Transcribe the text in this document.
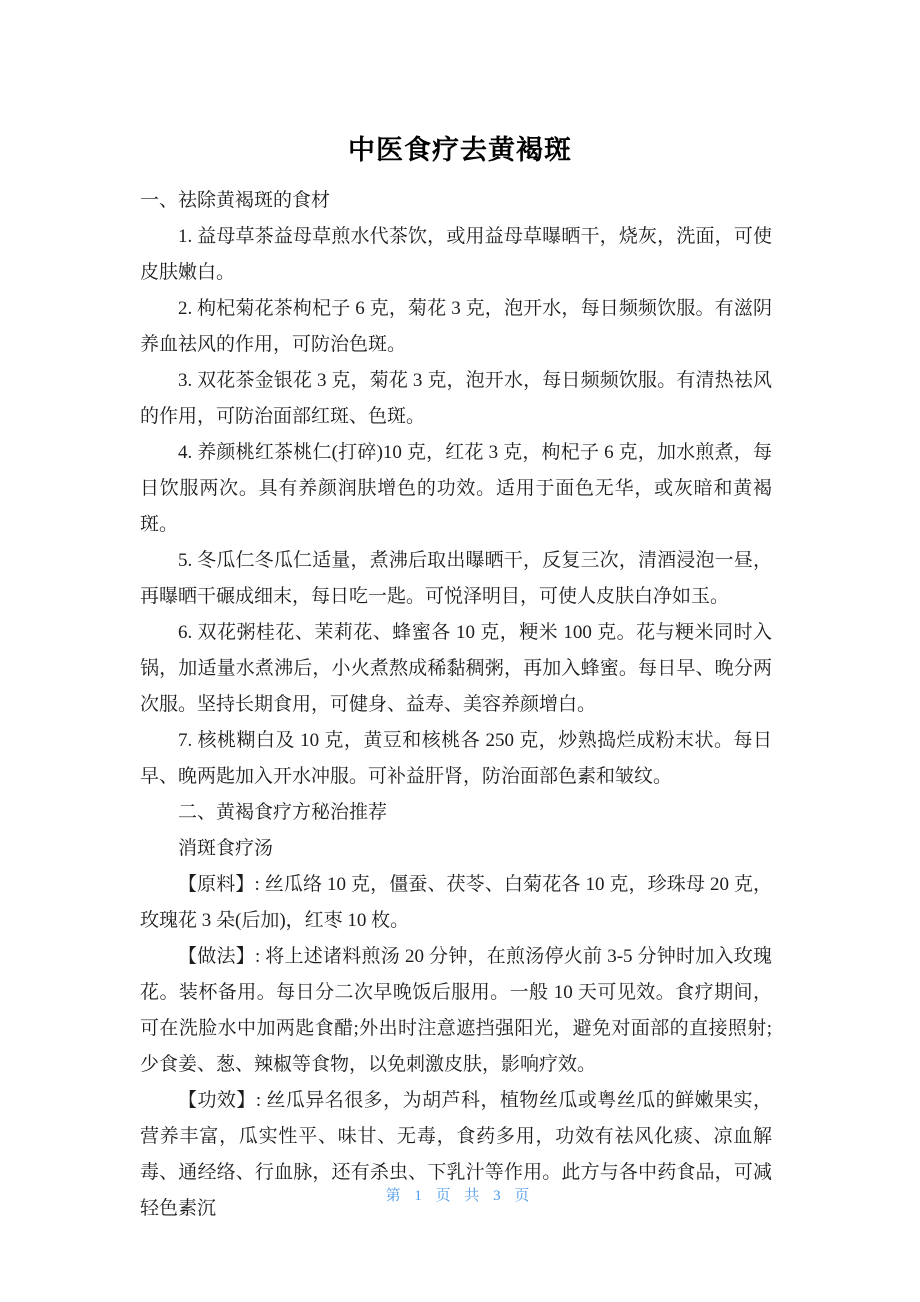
中医食疗去黄褐斑

一、祛除黄褐斑的食材

1. 益母草茶益母草煎水代茶饮，或用益母草曝晒干，烧灰，洗面，可使皮肤嫩白。

2. 枸杞菊花茶枸杞子 6 克，菊花 3 克，泡开水，每日频频饮服。有滋阴养血祛风的作用，可防治色斑。

3. 双花茶金银花 3 克，菊花 3 克，泡开水，每日频频饮服。有清热祛风的作用，可防治面部红斑、色斑。

4. 养颜桃红茶桃仁(打碎)10 克，红花 3 克，枸杞子 6 克，加水煎煮，每日饮服两次。具有养颜润肤增色的功效。适用于面色无华，或灰暗和黄褐斑。

5. 冬瓜仁冬瓜仁适量，煮沸后取出曝晒干，反复三次，清酒浸泡一昼，再曝晒干碾成细末，每日吃一匙。可悦泽明目，可使人皮肤白净如玉。

6. 双花粥桂花、茉莉花、蜂蜜各 10 克，粳米 100 克。花与粳米同时入锅，加适量水煮沸后，小火煮熬成稀黏稠粥，再加入蜂蜜。每日早、晚分两次服。坚持长期食用，可健身、益寿、美容养颜增白。

7. 核桃糊白及 10 克，黄豆和核桃各 250 克，炒熟捣烂成粉末状。每日早、晚两匙加入开水冲服。可补益肝肾，防治面部色素和皱纹。

二、黄褐食疗方秘治推荐

消斑食疗汤

【原料】: 丝瓜络 10 克，僵蚕、茯苓、白菊花各 10 克，珍珠母 20 克，玫瑰花 3 朵(后加)，红枣 10 枚。

【做法】: 将上述诸料煎汤 20 分钟，在煎汤停火前 3-5 分钟时加入玫瑰花。装杯备用。每日分二次早晚饭后服用。一般 10 天可见效。食疗期间，可在洗脸水中加两匙食醋;外出时注意遮挡强阳光，避免对面部的直接照射;少食姜、葱、辣椒等食物，以免刺激皮肤，影响疗效。

【功效】: 丝瓜异名很多，为胡芦科，植物丝瓜或粤丝瓜的鲜嫩果实，营养丰富，瓜实性平、味甘、无毒，食药多用，功效有祛风化痰、凉血解毒、通经络、行血脉，还有杀虫、下乳汁等作用。此方与各中药食品，可减轻色素沉

第 1 页 共 3 页
